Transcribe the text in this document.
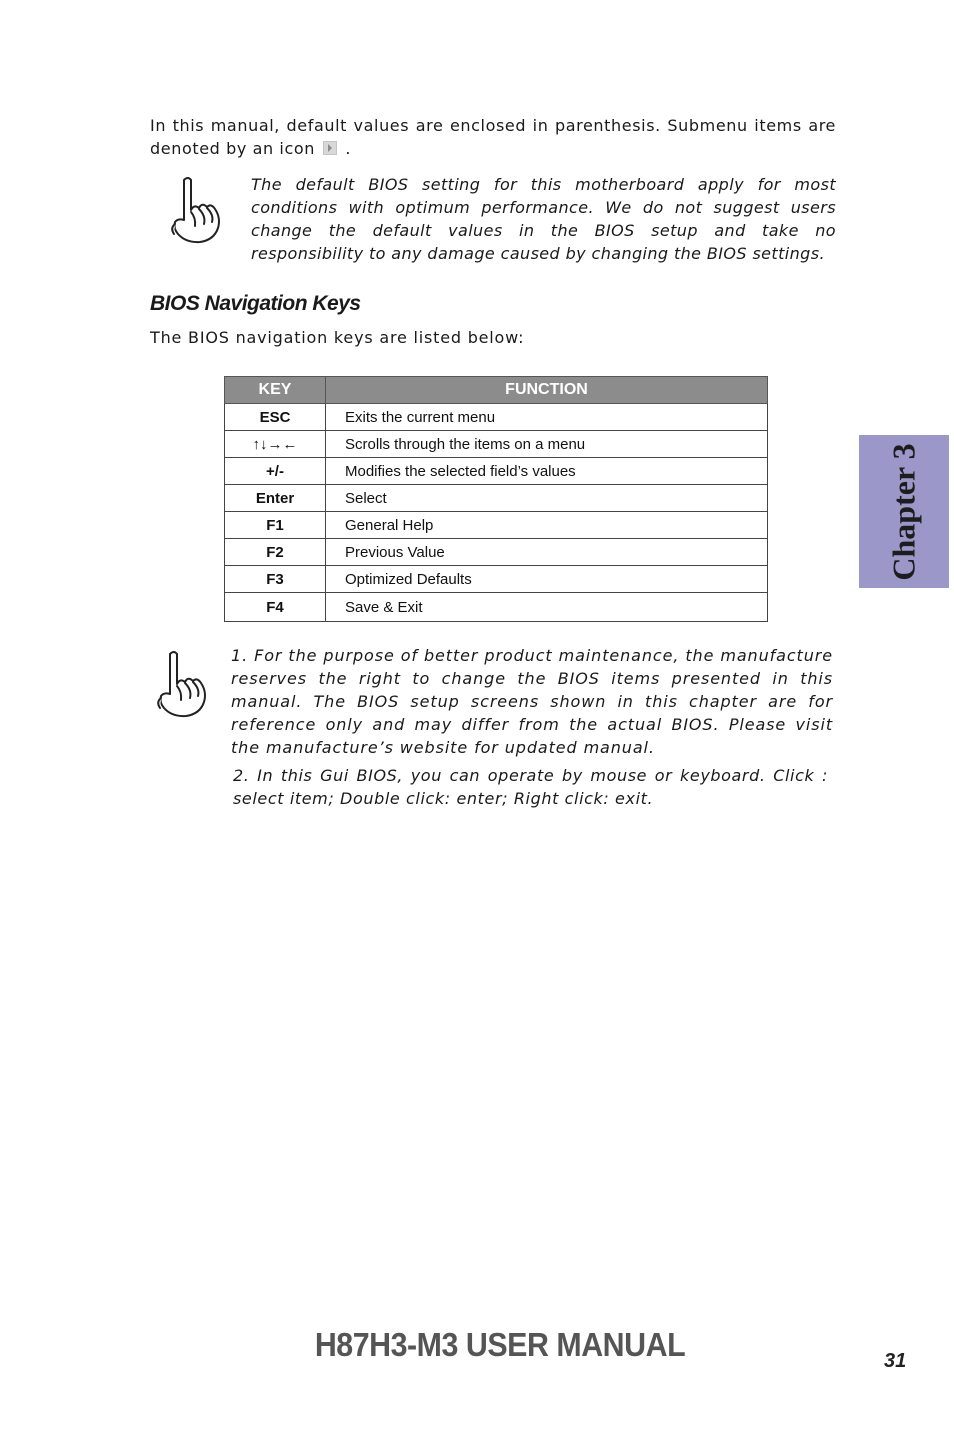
In this manual, default values are enclosed in parenthesis. Submenu items are denoted by an icon .

The default BIOS setting for this motherboard apply for most conditions with optimum performance. We do not suggest users change the default values in the BIOS setup and take no responsibility to any damage caused by changing the BIOS settings.

BIOS Navigation Keys

The BIOS navigation keys are listed below:

KEY	FUNCTION
ESC	Exits the current menu
↑↓→←	Scrolls through the items on a menu
+/-	Modifies the selected field’s values
Enter	Select
F1	General Help
F2	Previous Value
F3	Optimized Defaults
F4	Save & Exit

1. For the purpose of better product maintenance, the manufacture reserves the right to change the BIOS items presented in this manual. The BIOS setup screens shown in this chapter are for reference only and may differ from the actual BIOS. Please visit the manufacture’s website for updated manual.

2. In this Gui BIOS, you can operate by mouse or keyboard. Click : select item; Double click: enter; Right click: exit.

Chapter 3
H87H3-M3 USER MANUAL	31
